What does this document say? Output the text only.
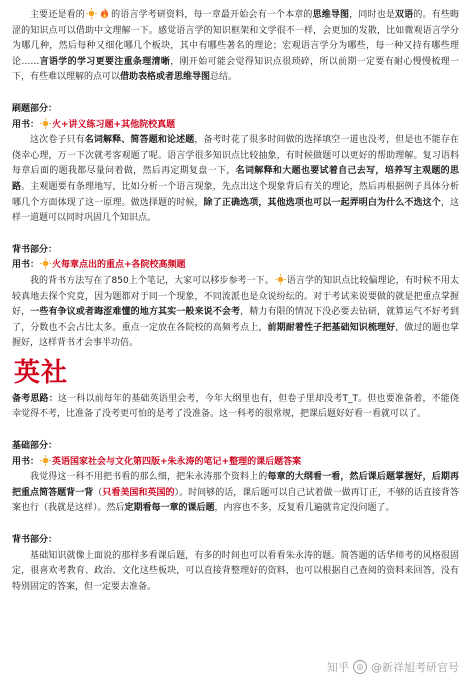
主要还是看的	的语言学考研资料，每一章最开始会有一个本章的思维导图，同时也是双语的。有些晦涩的知识点可以借助中文理解一下。感觉语言学的知识框架和文学很不一样，会更加的发散，比如微观语言学分为哪几种，然后每种又细化哪几个板块，其中有哪些著名的理论；宏观语言学分为哪些，每一种又持有哪些理论……言语学的学习更要注重条理清晰，刚开始可能会觉得知识点很琐碎，所以前期一定要有耐心慢慢梳理一下，有些难以理解的点可以借助表格或者思维导图总结。

刷题部分：

用书： 火+讲义练习题+其他院校真题

这次卷子只有名词解释、简答题和论述题，备考时花了很多时间做的选择填空一道也没考，但是也不能存在侥幸心理，万一下次就考客观题了呢。语言学很多知识点比较抽象，有时候做题可以更好的帮助理解。复习语料每章后面的题我都尽量问着做，然后再定期复盘一下，名词解释和大题也要试着自己去写，培养写主观题的思路。主观题要有条理地写，比如分析一个语言现象，先点出这个现象背后有关的理论，然后再根据例子具体分析哪几个方面体现了这一原理。做选择题的时候，除了正确选项，其他选项也可以一起弄明白为什么不选这个，这样一道题可以同时巩固几个知识点。

背书部分：

用书： 火每章点出的重点+各院校高频题

我的背书方法写在了850上个笔记，大家可以移步参考一下。 语言学的知识点比较偏理论，有时候不用太较真地去探个究竟，因为题都对于同一个现象，不同流派也是众说纷纭的。对于考试来说要做的就是把重点掌握好，一些有争议或者晦涩难懂的地方其实一般来说不会考，精力有限的情况下没必要去钻研，就算运气不好考到了，分数也不会占比太多。重点一定放在各院校的高频考点上，前期耐着性子把基础知识梳理好，做过的题也掌握好，这样背书才会事半功倍。

英社

备考思路：这一科以前每年的基础英语里会考，今年大纲里也有，但卷子里却没考T_T。但也要准备着，不能侥幸觉得不考，比准备了没考更可怕的是考了没准备。这一科考的很常规，把课后题好好看一看就可以了。

基础部分：

用书： 英语国家社会与文化第四版+朱永涛的笔记+整理的课后题答案

我觉得这一科不用把书看的那么细，把朱永涛那个资料上的每章的大纲看一看，然后课后题掌握好，后期再把重点简答题背一背（只看美国和英国的）。时间够的话，课后题可以自己试着做一做再订正，不够的话直接背答案也行（我就是这样）。然后定期看每一章的课后题，内容也不多，反复看几遍就肯定没问题了。

背书部分：

基础知识就像上面说的那样多看课后题，有多的时间也可以看看朱永涛的题。简答题的话华师考的风格很固定，很喜欢考教育、政治、文化这些板块，可以直接背整理好的资料，也可以根据自己查阅的资料来回答，没有特别固定的答案，但一定要去准备。

知乎 ◎ @新祥旭考研官号
